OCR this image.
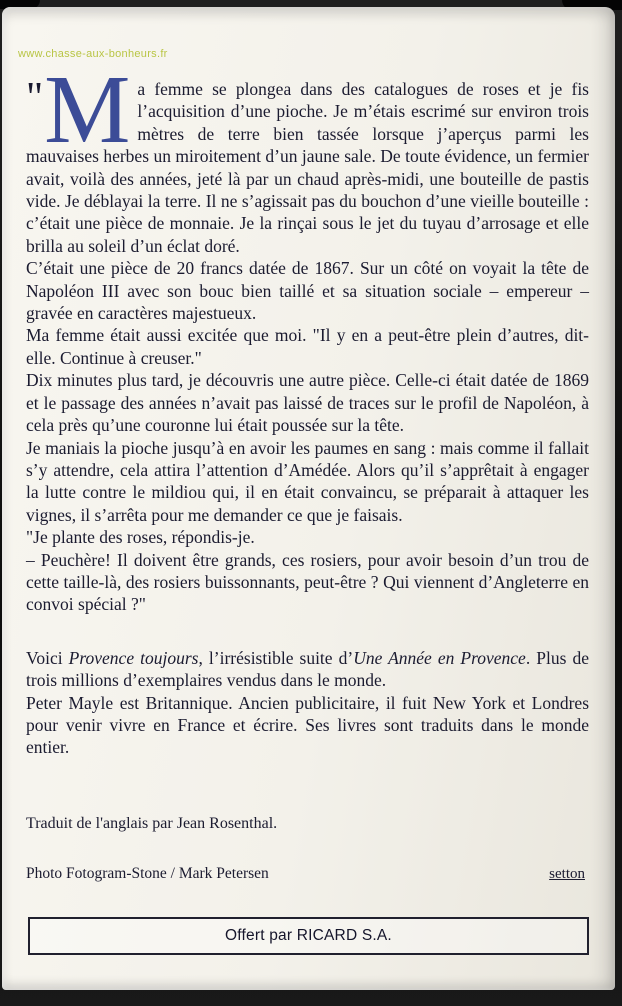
www.chasse-aux-bonheurs.fr

"M a femme se plongea dans des catalogues de roses et je fis l’acquisition d’une pioche. Je m’étais escrimé sur environ trois mètres de terre bien tassée lorsque j’aperçus parmi les mauvaises herbes un miroitement d’un jaune sale. De toute évidence, un fermier avait, voilà des années, jeté là par un chaud après-midi, une bouteille de pastis vide. Je déblayai la terre. Il ne s’agissait pas du bouchon d’une vieille bouteille : c’était une pièce de monnaie. Je la rinçai sous le jet du tuyau d’arrosage et elle brilla au soleil d’un éclat doré.

C’était une pièce de 20 francs datée de 1867. Sur un côté on voyait la tête de Napoléon III avec son bouc bien taillé et sa situation sociale – empereur – gravée en caractères majestueux.

Ma femme était aussi excitée que moi. "Il y en a peut-être plein d’autres, dit-elle. Continue à creuser."

Dix minutes plus tard, je découvris une autre pièce. Celle-ci était datée de 1869 et le passage des années n’avait pas laissé de traces sur le profil de Napoléon, à cela près qu’une couronne lui était poussée sur la tête.

Je maniais la pioche jusqu’à en avoir les paumes en sang : mais comme il fallait s’y attendre, cela attira l’attention d’Amédée. Alors qu’il s’apprêtait à engager la lutte contre le mildiou qui, il en était convaincu, se préparait à attaquer les vignes, il s’arrêta pour me demander ce que je faisais.

"Je plante des roses, répondis-je.

– Peuchère! Il doivent être grands, ces rosiers, pour avoir besoin d’un trou de cette taille-là, des rosiers buissonnants, peut-être ? Qui viennent d’Angleterre en convoi spécial ?"

Voici Provence toujours, l’irrésistible suite d’Une Année en Provence. Plus de trois millions d’exemplaires vendus dans le monde.

Peter Mayle est Britannique. Ancien publicitaire, il fuit New York et Londres pour venir vivre en France et écrire. Ses livres sont traduits dans le monde entier.

Traduit de l'anglais par Jean Rosenthal.
Photo Fotogram-Stone / Mark Petersen	setton
Offert par RICARD S.A.
